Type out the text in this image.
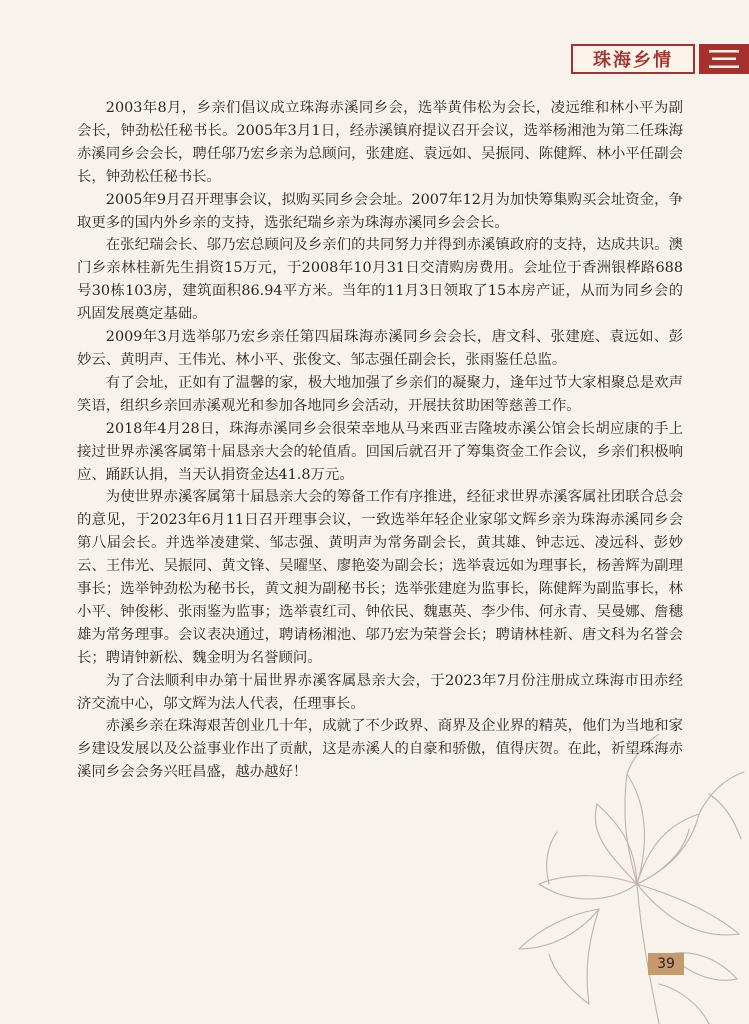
珠海乡情

2003年8月，乡亲们倡议成立珠海赤溪同乡会，选举黄伟松为会长，凌远维和林小平为副会长，钟劲松任秘书长。2005年3月1日，经赤溪镇府提议召开会议，选举杨湘池为第二任珠海赤溪同乡会会长，聘任邬乃宏乡亲为总顾问，张建庭、袁远如、吴振同、陈健辉、林小平任副会长，钟劲松任秘书长。

2005年9月召开理事会议，拟购买同乡会会址。2007年12月为加快筹集购买会址资金，争取更多的国内外乡亲的支持，选张纪瑞乡亲为珠海赤溪同乡会会长。

在张纪瑞会长、邬乃宏总顾问及乡亲们的共同努力并得到赤溪镇政府的支持，达成共识。澳门乡亲林桂新先生捐资15万元，于2008年10月31日交清购房费用。会址位于香洲银桦路688号30栋103房，建筑面积86.94平方米。当年的11月3日领取了15本房产证，从而为同乡会的巩固发展奠定基础。

2009年3月选举邬乃宏乡亲任第四届珠海赤溪同乡会会长，唐文科、张建庭、袁远如、彭妙云、黄明声、王伟光、林小平、张俊文、邹志强任副会长，张雨鉴任总监。

有了会址，正如有了温馨的家，极大地加强了乡亲们的凝聚力，逢年过节大家相聚总是欢声笑语，组织乡亲回赤溪观光和参加各地同乡会活动，开展扶贫助困等慈善工作。

2018年4月28日，珠海赤溪同乡会很荣幸地从马来西亚吉隆坡赤溪公馆会长胡应康的手上接过世界赤溪客属第十届恳亲大会的轮值盾。回国后就召开了筹集资金工作会议，乡亲们积极响应、踊跃认捐，当天认捐资金达41.8万元。

为使世界赤溪客属第十届恳亲大会的筹备工作有序推进，经征求世界赤溪客属社团联合总会的意见，于2023年6月11日召开理事会议，一致选举年轻企业家邬文辉乡亲为珠海赤溪同乡会第八届会长。并选举凌建棠、邹志强、黄明声为常务副会长，黄其雄、钟志远、凌远科、彭妙云、王伟光、吴振同、黄文锋、吴曜坚、廖艳姿为副会长；选举袁远如为理事长，杨善辉为副理事长；选举钟劲松为秘书长，黄文昶为副秘书长；选举张建庭为监事长，陈健辉为副监事长，林小平、钟俊彬、张雨鉴为监事；选举袁红司、钟依民、魏惠英、李少伟、何永青、吴曼娜、詹穗雄为常务理事。会议表决通过，聘请杨湘池、邬乃宏为荣誉会长；聘请林桂新、唐文科为名誉会长；聘请钟新松、魏金明为名誉顾问。

为了合法顺利申办第十届世界赤溪客属恳亲大会，于2023年7月份注册成立珠海市田赤经济交流中心，邬文辉为法人代表，任理事长。

赤溪乡亲在珠海艰苦创业几十年，成就了不少政界、商界及企业界的精英，他们为当地和家乡建设发展以及公益事业作出了贡献，这是赤溪人的自豪和骄傲，值得庆贺。在此，祈望珠海赤溪同乡会会务兴旺昌盛，越办越好！

39
